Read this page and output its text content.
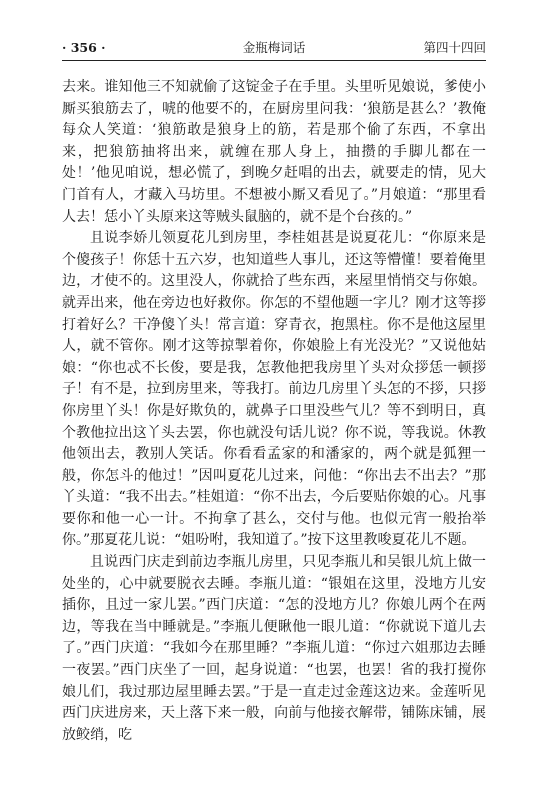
· 356 ·	金瓶梅词话	第四十四回

去来。谁知他三不知就偷了这锭金子在手里。头里听见娘说，爹使小厮买狼筋去了，唬的他要不的，在厨房里问我：‘狼筋是甚么？’教俺每众人笑道：‘狼筋敢是狼身上的筋，若是那个偷了东西，不拿出来，把狼筋抽将出来，就缠在那人身上，抽攒的手脚儿都在一处！’他见咱说，想必慌了，到晚夕赶唱的出去，就要走的情，见大门首有人，才藏入马坊里。不想被小厮又看见了。”月娘道：“那里看人去！恁小丫头原来这等贼头鼠脑的，就不是个台孩的。”

且说李娇儿领夏花儿到房里，李桂姐甚是说夏花儿：“你原来是个傻孩子！你恁十五六岁，也知道些人事儿，还这等懵懂！要着俺里边，才使不的。这里没人，你就拾了些东西，来屋里悄悄交与你娘。就弄出来，他在旁边也好救你。你怎的不望他题一字儿？刚才这等拶打着好么？干净傻丫头！常言道：穿青衣，抱黑柱。你不是他这屋里人，就不管你。刚才这等掠掣着你，你娘脸上有光没光？”又说他姑娘：“你也忒不长俊，要是我，怎教他把我房里丫头对众拶恁一顿拶子！有不是，拉到房里来，等我打。前边几房里丫头怎的不拶，只拶你房里丫头！你是好欺负的，就鼻子口里没些气儿？等不到明日，真个教他拉出这丫头去罢，你也就没句话儿说？你不说，等我说。休教他领出去，教别人笑话。你看看孟家的和潘家的，两个就是狐狸一般，你怎斗的他过！”因叫夏花儿过来，问他：“你出去不出去？”那丫头道：“我不出去。”桂姐道：“你不出去，今后要贴你娘的心。凡事要你和他一心一计。不拘拿了甚么，交付与他。也似元宵一般抬举你。”那夏花儿说：“姐吩咐，我知道了。”按下这里教唆夏花儿不题。

且说西门庆走到前边李瓶儿房里，只见李瓶儿和吴银儿炕上做一处坐的，心中就要脱衣去睡。李瓶儿道：“银姐在这里，没地方儿安插你，且过一家儿罢。”西门庆道：“怎的没地方儿？你娘儿两个在两边，等我在当中睡就是。”李瓶儿便瞅他一眼儿道：“你就说下道儿去了。”西门庆道：“我如今在那里睡？”李瓶儿道：“你过六姐那边去睡一夜罢。”西门庆坐了一回，起身说道：“也罢，也罢！省的我打搅你娘儿们，我过那边屋里睡去罢。”于是一直走过金莲这边来。金莲听见西门庆进房来，天上落下来一般，向前与他接衣解带，铺陈床铺，展放鲛绡，吃
